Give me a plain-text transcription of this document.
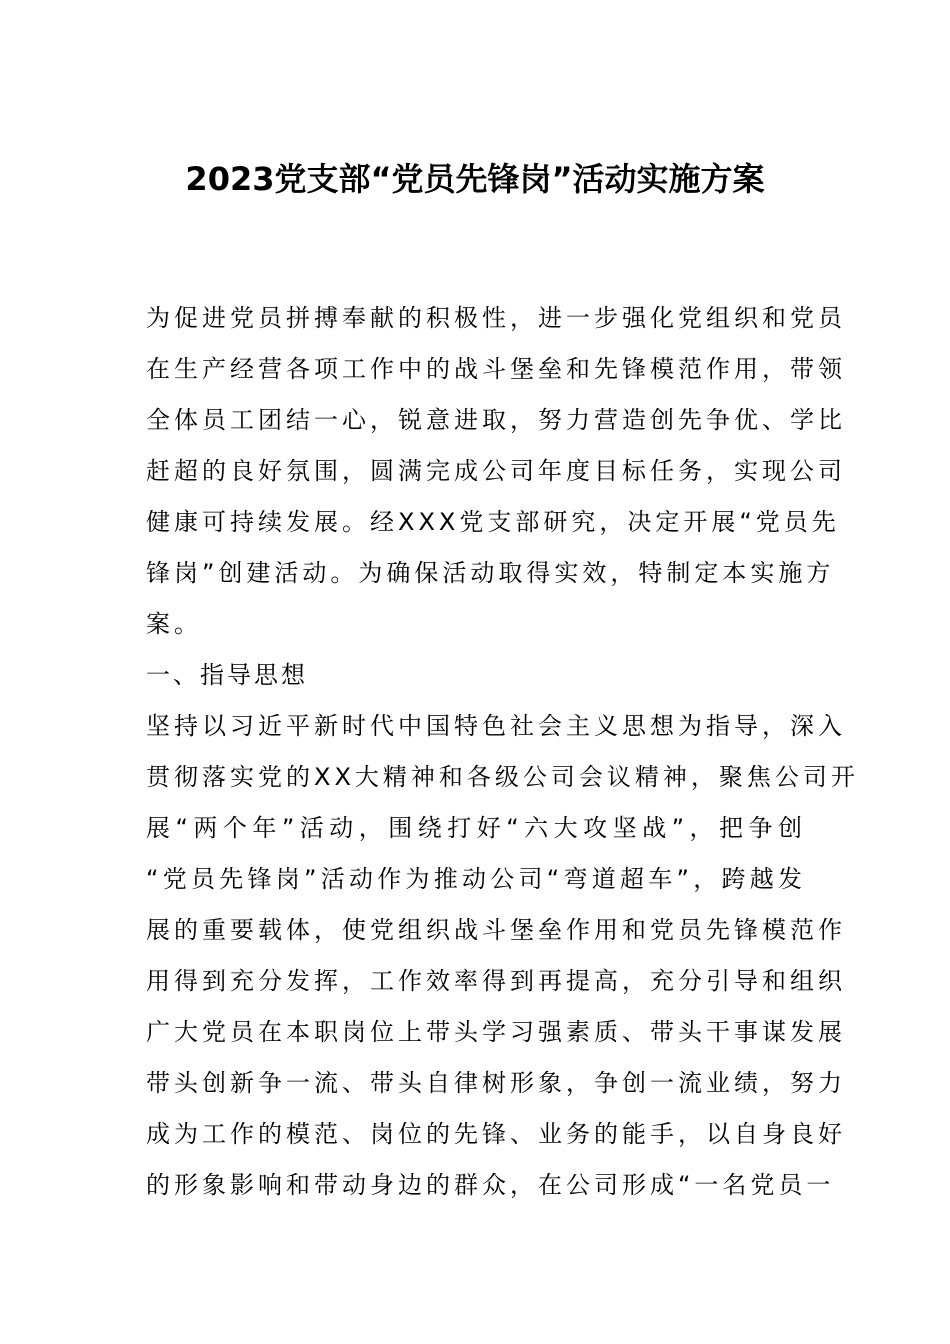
2023党支部“党员先锋岗”活动实施方案
为促进党员拼搏奉献的积极性，进一步强化党组织和党员
在生产经营各项工作中的战斗堡垒和先锋模范作用，带领
全体员工团结一心，锐意进取，努力营造创先争优、学比
赶超的良好氛围，圆满完成公司年度目标任务，实现公司
健康可持续发展。经XXX党支部研究，决定开展“党员先
锋岗”创建活动。为确保活动取得实效，特制定本实施方
案。
一、指导思想
坚持以习近平新时代中国特色社会主义思想为指导，深入
贯彻落实党的XX大精神和各级公司会议精神，聚焦公司开
展“两个年”活动，围绕打好“六大攻坚战”，把争创
“党员先锋岗”活动作为推动公司“弯道超车”，跨越发
展的重要载体，使党组织战斗堡垒作用和党员先锋模范作
用得到充分发挥，工作效率得到再提高，充分引导和组织
广大党员在本职岗位上带头学习强素质、带头干事谋发展
带头创新争一流、带头自律树形象，争创一流业绩，努力
成为工作的模范、岗位的先锋、业务的能手，以自身良好
的形象影响和带动身边的群众，在公司形成“一名党员一
